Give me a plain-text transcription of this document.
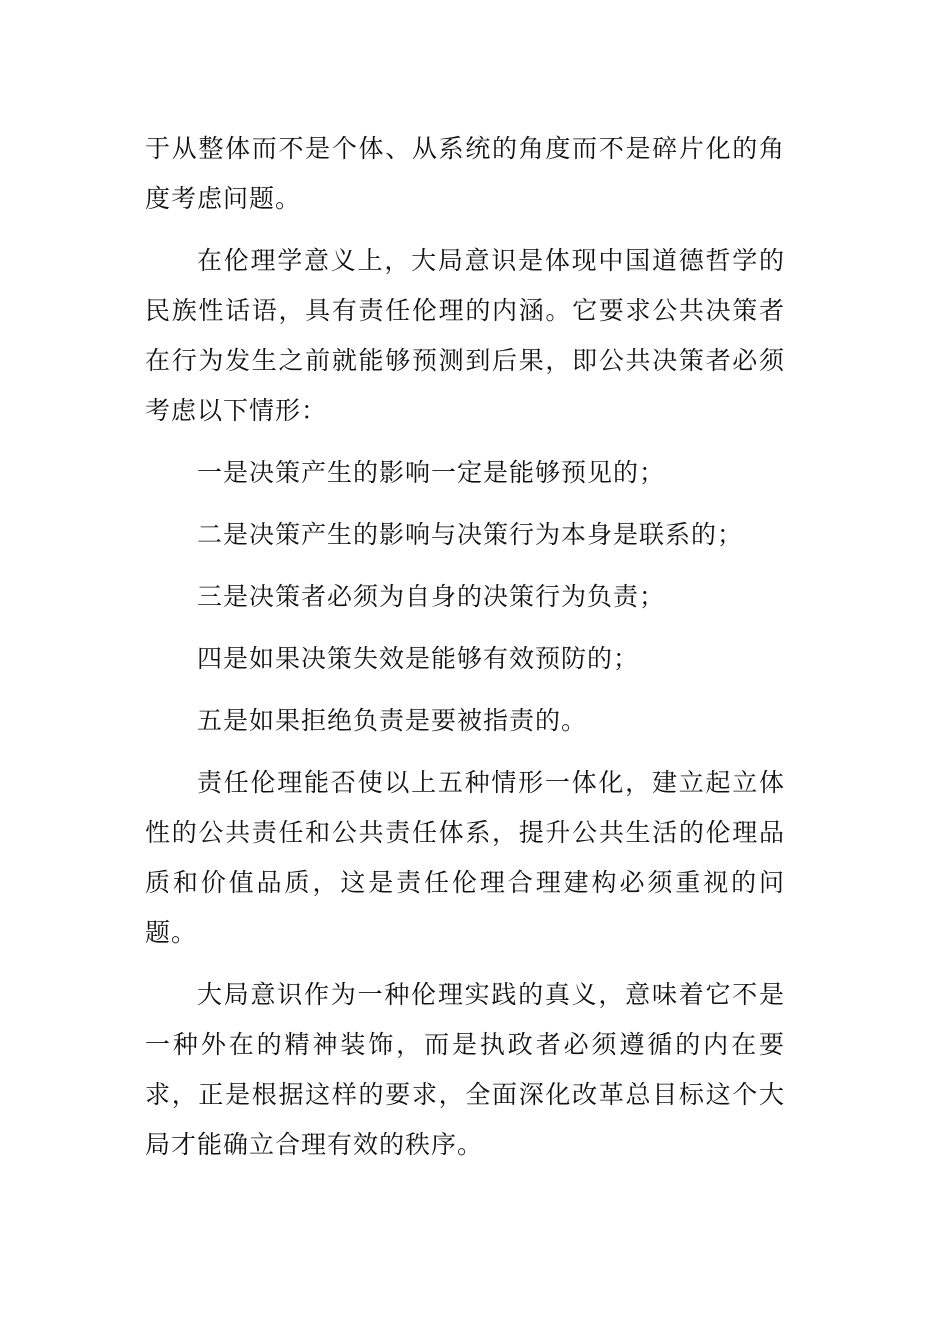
于从整体而不是个体、从系统的角度而不是碎片化的角度考虑问题。

在伦理学意义上，大局意识是体现中国道德哲学的民族性话语，具有责任伦理的内涵。它要求公共决策者在行为发生之前就能够预测到后果，即公共决策者必须考虑以下情形：

一是决策产生的影响一定是能够预见的；

二是决策产生的影响与决策行为本身是联系的；

三是决策者必须为自身的决策行为负责；

四是如果决策失效是能够有效预防的；

五是如果拒绝负责是要被指责的。

责任伦理能否使以上五种情形一体化，建立起立体性的公共责任和公共责任体系，提升公共生活的伦理品质和价值品质，这是责任伦理合理建构必须重视的问题。

大局意识作为一种伦理实践的真义，意味着它不是一种外在的精神装饰，而是执政者必须遵循的内在要求，正是根据这样的要求，全面深化改革总目标这个大局才能确立合理有效的秩序。
